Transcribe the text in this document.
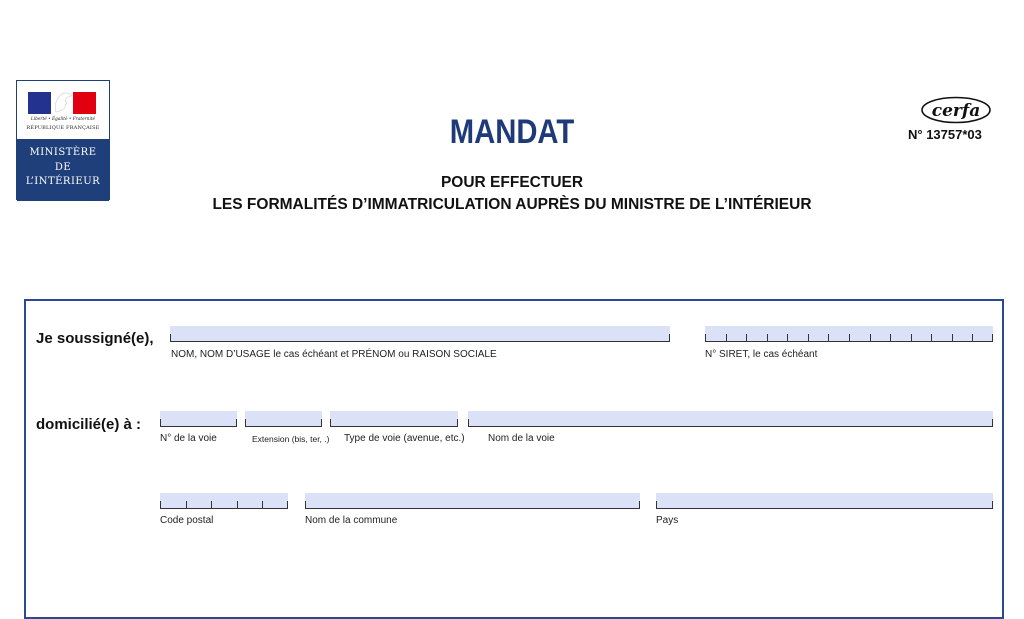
Liberté • Égalité • Fraternité
RÉPUBLIQUE FRANÇAISE
MINISTÈRE
DE
L’INTÉRIEUR
MANDAT
POUR EFFECTUER
LES FORMALITÉS D’IMMATRICULATION AUPRÈS DU MINISTRE DE L’INTÉRIEUR
cerfa
N° 13757*03
Je soussigné(e),
NOM, NOM D’USAGE le cas échéant et PRÉNOM ou RAISON SOCIALE	N° SIRET, le cas échéant
domicilié(e) à :
N° de la voie	Extension (bis, ter, .) Type de voie (avenue, etc.) Nom de la voie
Code postal	Nom de la commune	Pays
